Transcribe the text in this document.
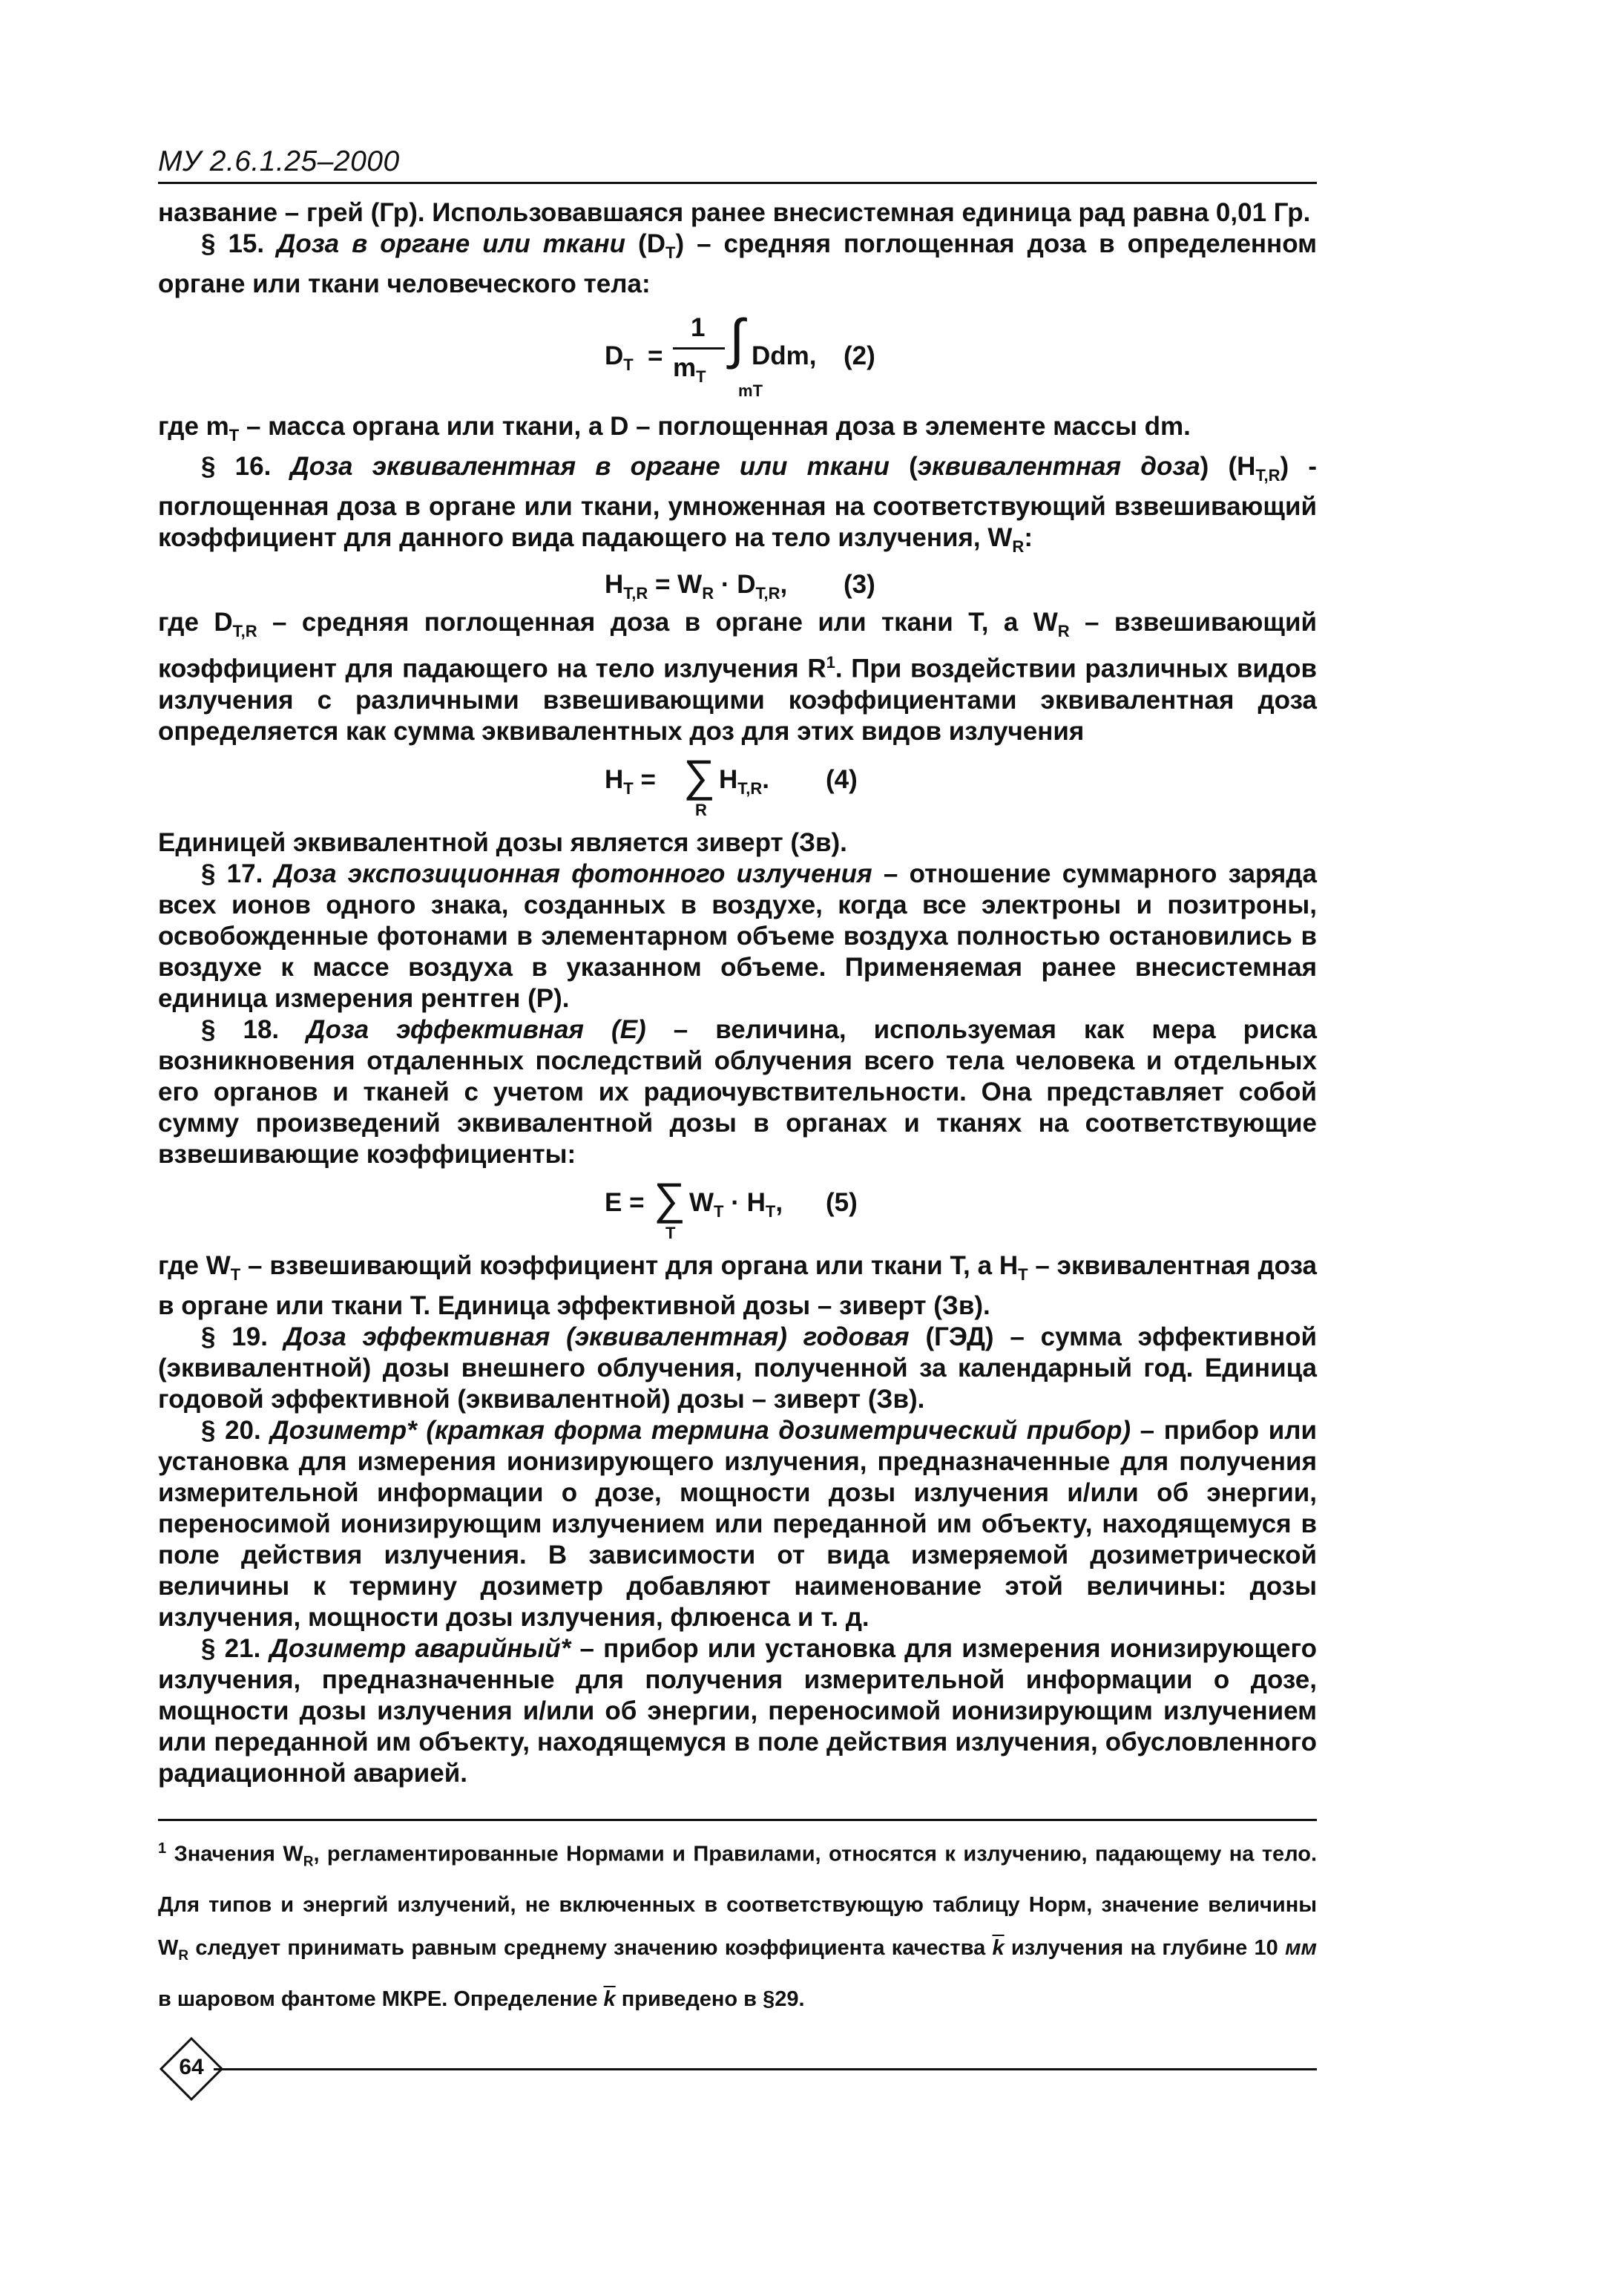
МУ 2.6.1.25–2000

название – грей (Гр). Использовавшаяся ранее внесистемная единица рад равна 0,01 Гр.

§ 15. Доза в органе или ткани $(D_T)$ – средняя поглощенная доза в определенном органе или ткани человеческого тела:

$D_T$ =
1
$m_T$
∫ Ddm,
mT
(2)

где $m_T$ – масса органа или ткани, а D – поглощенная доза в элементе массы dm.

§ 16. Доза эквивалентная в органе или ткани (эквивалентная доза) $(H_{T,R})$ - поглощенная доза в органе или ткани, умноженная на соответствующий взвешивающий коэффициент для данного вида падающего на тело излучения, $W_R$:

$H_{T,R} = W_R \cdot D_{T,R}$, (3)

где $D_{T,R}$ – средняя поглощенная доза в органе или ткани T, а $W_R$ – взвешивающий коэффициент для падающего на тело излучения $R^1$. При воздействии различных видов излучения с различными взвешивающими коэффициентами эквивалентная доза определяется как сумма эквивалентных доз для этих видов излучения

$H_T$ = ∑
R
$H_{T,R}$. (4)

Единицей эквивалентной дозы является зиверт (Зв).

§ 17. Доза экспозиционная фотонного излучения – отношение суммарного заряда всех ионов одного знака, созданных в воздухе, когда все электроны и позитроны, освобожденные фотонами в элементарном объеме воздуха полностью остановились в воздухе к массе воздуха в указанном объеме. Применяемая ранее внесистемная единица измерения рентген (Р).

§ 18. Доза эффективная (E) – величина, используемая как мера риска возникновения отдаленных последствий облучения всего тела человека и отдельных его органов и тканей с учетом их радиочувствительности. Она представляет собой сумму произведений эквивалентной дозы в органах и тканях на соответствующие взвешивающие коэффициенты:

E = ∑
T
$W_T \cdot H_T$, (5)

где $W_T$ – взвешивающий коэффициент для органа или ткани T, а $H_T$ – эквивалентная доза в органе или ткани T. Единица эффективной дозы – зиверт (Зв).

§ 19. Доза эффективная (эквивалентная) годовая (ГЭД) – сумма эффективной (эквивалентной) дозы внешнего облучения, полученной за календарный год. Единица годовой эффективной (эквивалентной) дозы – зиверт (Зв).

§ 20. Дозиметр* (краткая форма термина дозиметрический прибор) – прибор или установка для измерения ионизирующего излучения, предназначенные для получения измерительной информации о дозе, мощности дозы излучения и/или об энергии, переносимой ионизирующим излучением или переданной им объекту, находящемуся в поле действия излучения. В зависимости от вида измеряемой дозиметрической величины к термину дозиметр добавляют наименование этой величины: дозы излучения, мощности дозы излучения, флюенса и т. д.

§ 21. Дозиметр аварийный* – прибор или установка для измерения ионизирующего излучения, предназначенные для получения измерительной информации о дозе, мощности дозы излучения и/или об энергии, переносимой ионизирующим излучением или переданной им объекту, находящемуся в поле действия излучения, обусловленного радиационной аварией.

$^1$ Значения $W_R$, регламентированные Нормами и Правилами, относятся к излучению, падающему на тело. Для типов и энергий излучений, не включенных в соответствующую таблицу Норм, значение величины $W_R$ следует принимать равным среднему значению коэффициента качества $\overline{k}$ излучения на глубине 10 мм в шаровом фантоме МКРЕ. Определение $\overline{k}$ приведено в §29.

64
